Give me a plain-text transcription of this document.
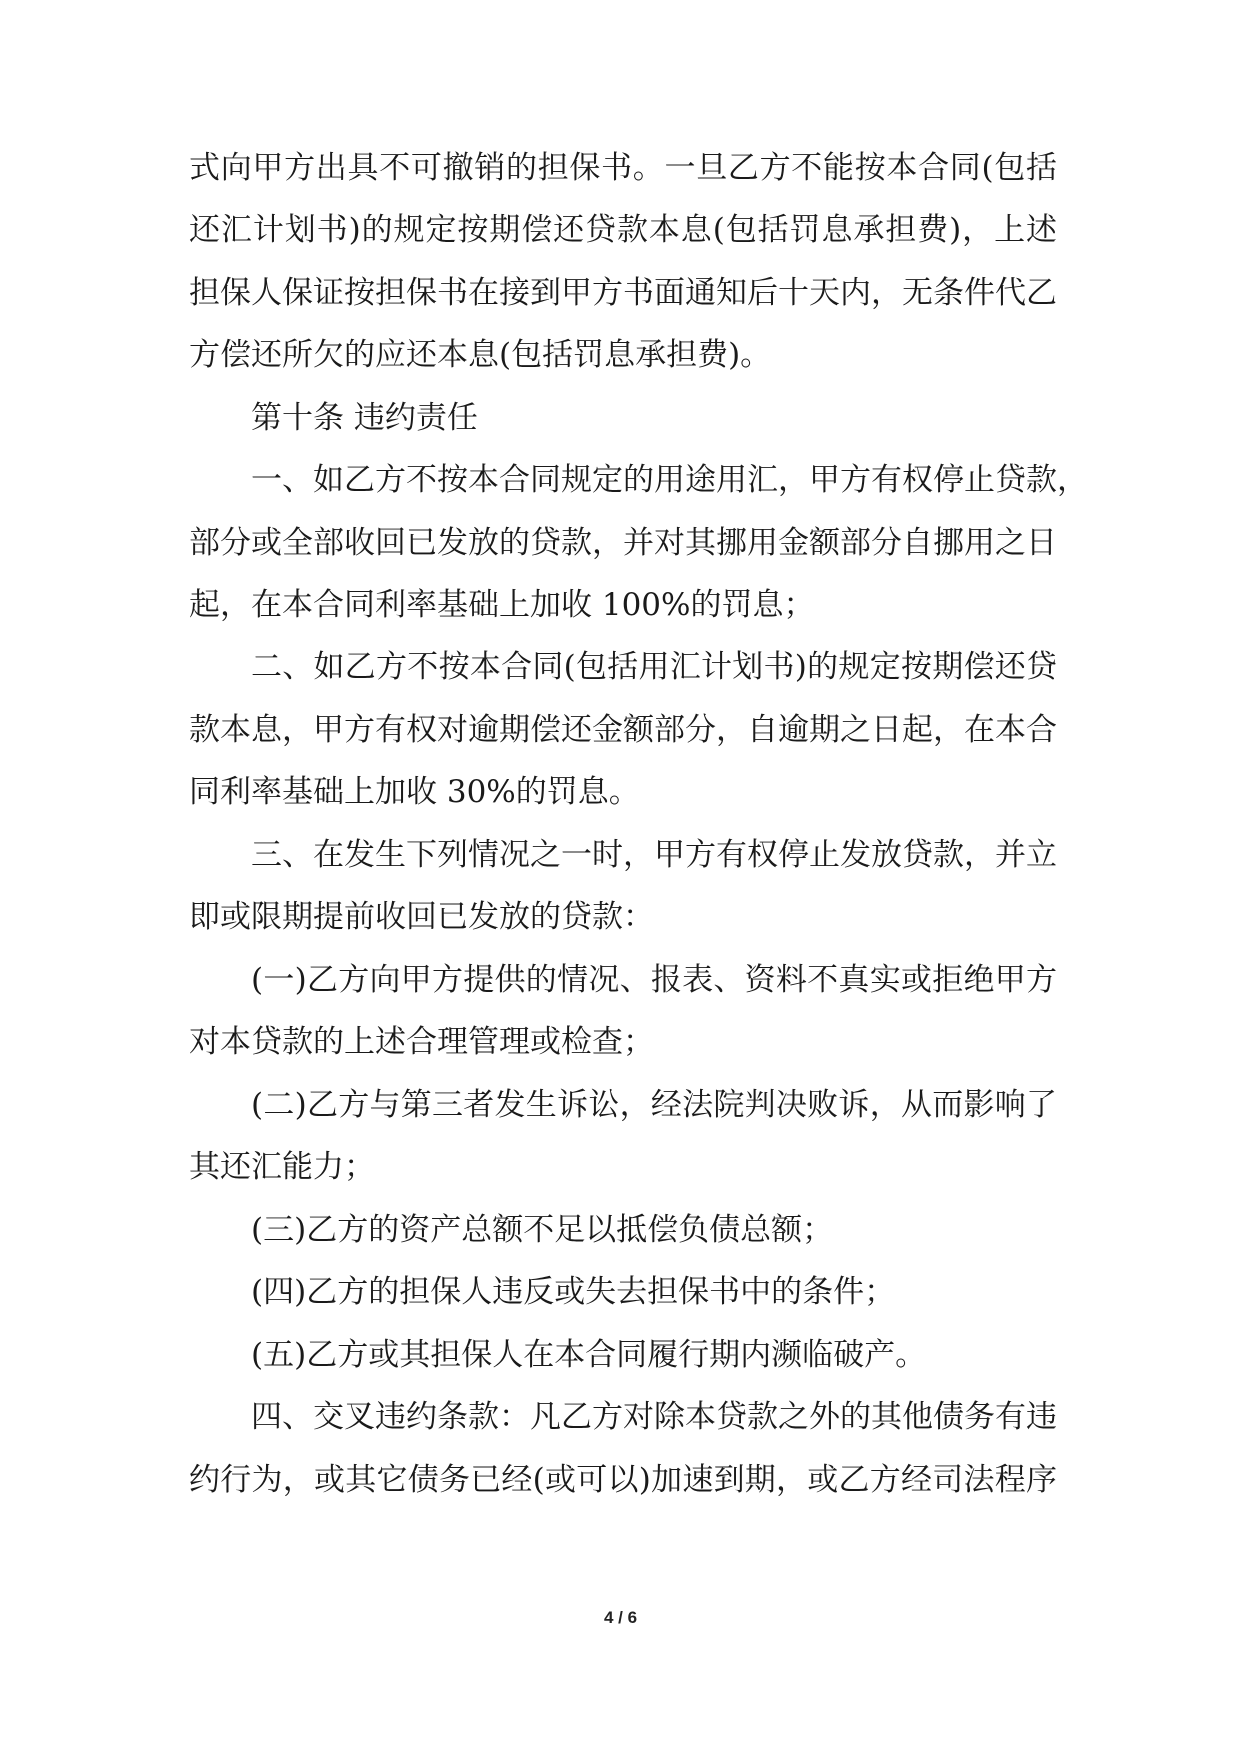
式向甲方出具不可撤销的担保书。一旦乙方不能按本合同(包括
还汇计划书)的规定按期偿还贷款本息(包括罚息承担费)，上述
担保人保证按担保书在接到甲方书面通知后十天内，无条件代乙
方偿还所欠的应还本息(包括罚息承担费)。
第十条 违约责任
一、如乙方不按本合同规定的用途用汇，甲方有权停止贷款，
部分或全部收回已发放的贷款，并对其挪用金额部分自挪用之日
起，在本合同利率基础上加收 100%的罚息；
二、如乙方不按本合同(包括用汇计划书)的规定按期偿还贷
款本息，甲方有权对逾期偿还金额部分，自逾期之日起，在本合
同利率基础上加收 30%的罚息。
三、在发生下列情况之一时，甲方有权停止发放贷款，并立
即或限期提前收回已发放的贷款：
(一)乙方向甲方提供的情况、报表、资料不真实或拒绝甲方
对本贷款的上述合理管理或检查；
(二)乙方与第三者发生诉讼，经法院判决败诉，从而影响了
其还汇能力；
(三)乙方的资产总额不足以抵偿负债总额；
(四)乙方的担保人违反或失去担保书中的条件；
(五)乙方或其担保人在本合同履行期内濒临破产。
四、交叉违约条款：凡乙方对除本贷款之外的其他债务有违
约行为，或其它债务已经(或可以)加速到期，或乙方经司法程序
4 / 6
